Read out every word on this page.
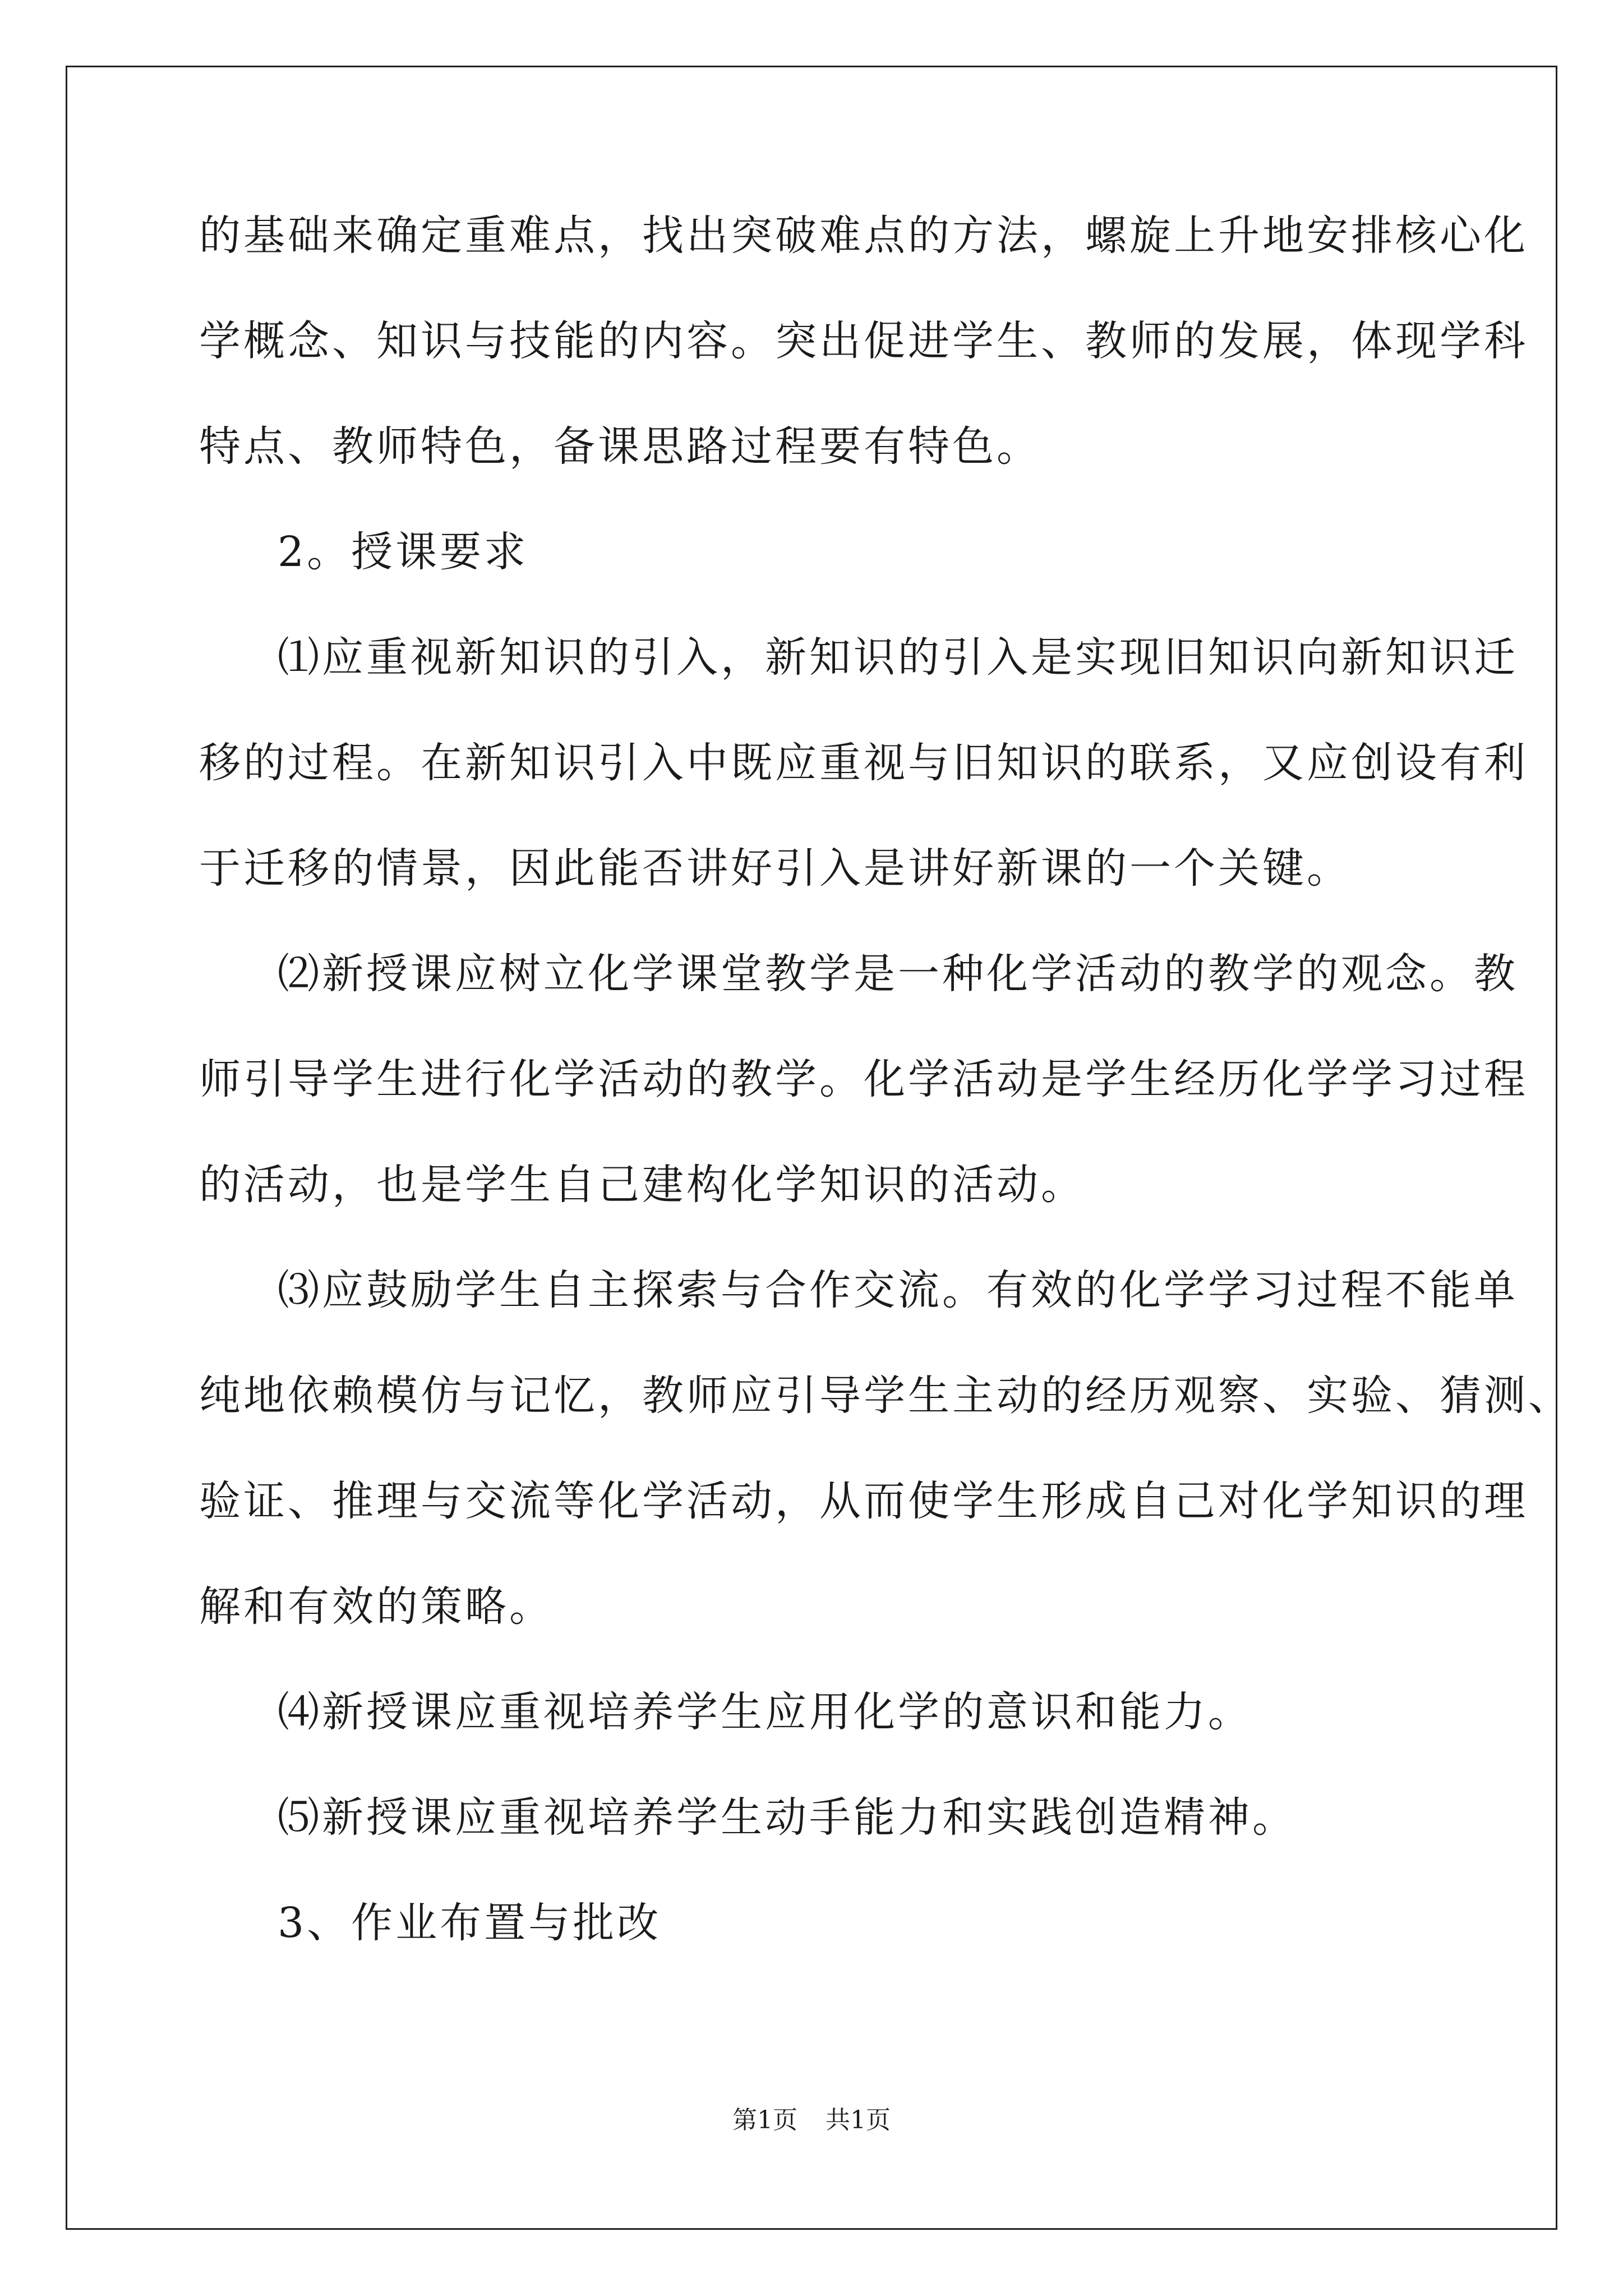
的基础来确定重难点，找出突破难点的方法，螺旋上升地安排核心化
学概念、知识与技能的内容。突出促进学生、教师的发展，体现学科
特点、教师特色，备课思路过程要有特色。
2。授课要求
⑴应重视新知识的引入，新知识的引入是实现旧知识向新知识迁
移的过程。在新知识引入中既应重视与旧知识的联系，又应创设有利
于迁移的情景，因此能否讲好引入是讲好新课的一个关键。
⑵新授课应树立化学课堂教学是一种化学活动的教学的观念。教
师引导学生进行化学活动的教学。化学活动是学生经历化学学习过程
的活动，也是学生自己建构化学知识的活动。
⑶应鼓励学生自主探索与合作交流。有效的化学学习过程不能单
纯地依赖模仿与记忆，教师应引导学生主动的经历观察、实验、猜测、
验证、推理与交流等化学活动，从而使学生形成自己对化学知识的理
解和有效的策略。
⑷新授课应重视培养学生应用化学的意识和能力。
⑸新授课应重视培养学生动手能力和实践创造精神。
3、作业布置与批改
第1页 共1页
